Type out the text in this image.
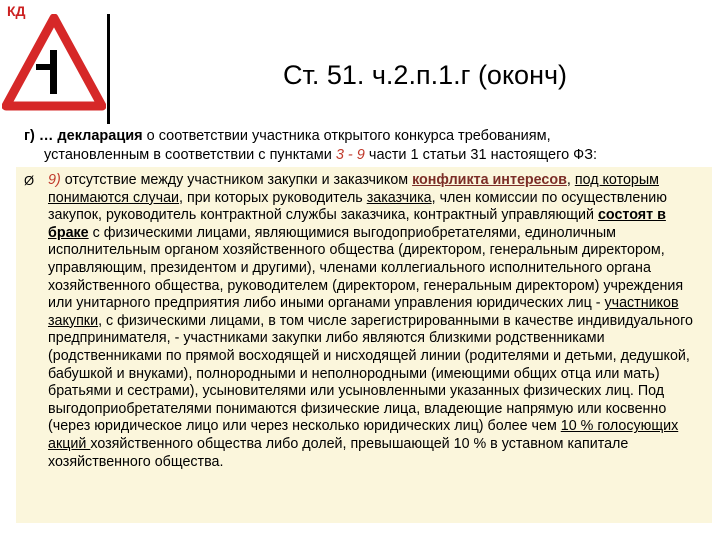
КД
Ст. 51. ч.2.п.1.г (оконч)
г) … декларация о соответствии участника открытого конкурса требованиям,
установленным в соответствии с пунктами 3 - 9 части 1 статьи 31 настоящего ФЗ:
Ø 9) отсутствие между участником закупки и заказчиком конфликта интересов, под которым понимаются случаи, при которых руководитель заказчика, член комиссии по осуществлению закупок, руководитель контрактной службы заказчика, контрактный управляющий состоят в браке с физическими лицами, являющимися выгодоприобретателями, единоличным исполнительным органом хозяйственного общества (директором, генеральным директором, управляющим, президентом и другими), членами коллегиального исполнительного органа хозяйственного общества, руководителем (директором, генеральным директором) учреждения или унитарного предприятия либо иными органами управления юридических лиц - участников закупки, с физическими лицами, в том числе зарегистрированными в качестве индивидуального предпринимателя, - участниками закупки либо являются близкими родственниками (родственниками по прямой восходящей и нисходящей линии (родителями и детьми, дедушкой, бабушкой и внуками), полнородными и неполнородными (имеющими общих отца или мать) братьями и сестрами), усыновителями или усыновленными указанных физических лиц. Под выгодоприобретателями понимаются физические лица, владеющие напрямую или косвенно (через юридическое лицо или через несколько юридических лиц) более чем 10 % голосующих акций хозяйственного общества либо долей, превышающей 10 % в уставном капитале хозяйственного общества.
